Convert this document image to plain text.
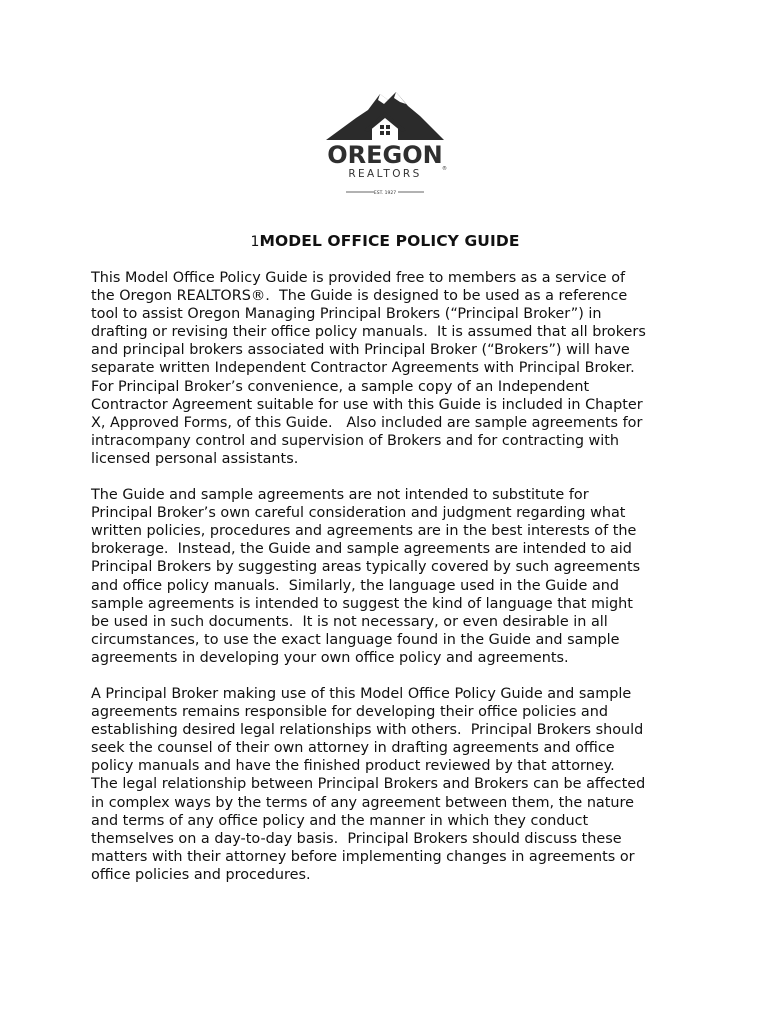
OREGON
REALTORS	®
EST. 1927
1MODEL OFFICE POLICY GUIDE
This Model Office Policy Guide is provided free to members as a service of
the Oregon REALTORS®.  The Guide is designed to be used as a reference
tool to assist Oregon Managing Principal Brokers (“Principal Broker”) in
drafting or revising their office policy manuals.  It is assumed that all brokers
and principal brokers associated with Principal Broker (“Brokers”) will have
separate written Independent Contractor Agreements with Principal Broker.
For Principal Broker’s convenience, a sample copy of an Independent
Contractor Agreement suitable for use with this Guide is included in Chapter
X, Approved Forms, of this Guide.   Also included are sample agreements for
intracompany control and supervision of Brokers and for contracting with
licensed personal assistants.
The Guide and sample agreements are not intended to substitute for
Principal Broker’s own careful consideration and judgment regarding what
written policies, procedures and agreements are in the best interests of the
brokerage.  Instead, the Guide and sample agreements are intended to aid
Principal Brokers by suggesting areas typically covered by such agreements
and office policy manuals.  Similarly, the language used in the Guide and
sample agreements is intended to suggest the kind of language that might
be used in such documents.  It is not necessary, or even desirable in all
circumstances, to use the exact language found in the Guide and sample
agreements in developing your own office policy and agreements.
A Principal Broker making use of this Model Office Policy Guide and sample
agreements remains responsible for developing their office policies and
establishing desired legal relationships with others.  Principal Brokers should
seek the counsel of their own attorney in drafting agreements and office
policy manuals and have the finished product reviewed by that attorney.
The legal relationship between Principal Brokers and Brokers can be affected
in complex ways by the terms of any agreement between them, the nature
and terms of any office policy and the manner in which they conduct
themselves on a day-to-day basis.  Principal Brokers should discuss these
matters with their attorney before implementing changes in agreements or
office policies and procedures.
